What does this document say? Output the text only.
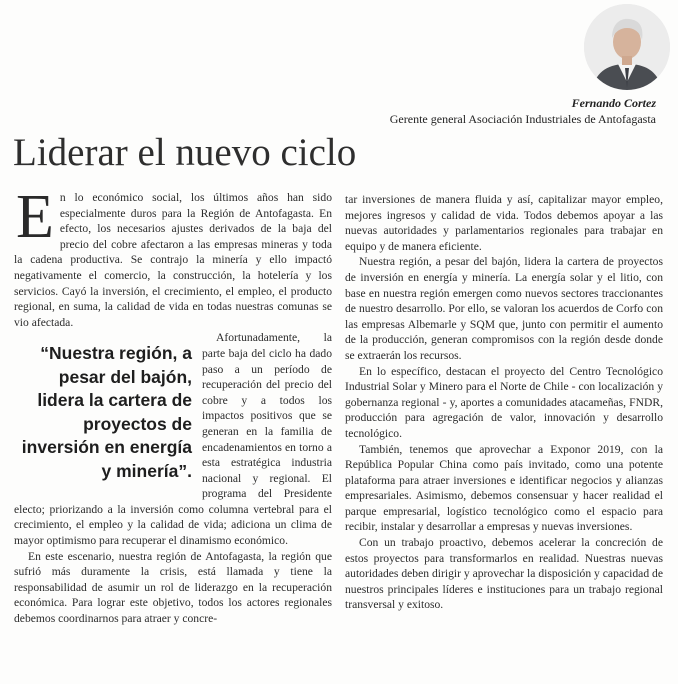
Fernando Cortez
Gerente general Asociación Industriales de Antofagasta
Liderar el nuevo ciclo

En lo económico social, los últimos años han sido especialmente duros para la Región de Antofagasta. En efecto, los necesarios ajustes derivados de la baja del precio del cobre afectaron a las empresas mineras y toda la cadena productiva. Se contrajo la minería y ello impactó negativamente el comercio, la construcción, la hotelería y los servicios. Cayó la inversión, el crecimiento, el empleo, el producto regional, en suma, la calidad de vida en todas nuestras comunas se vio afectada.

“Nuestra región, a pesar del bajón, lidera la cartera de proyectos de inversión en energía y minería”.
Afortunadamente, la parte baja del ciclo ha dado paso a un período de recuperación del precio del cobre y a todos los impactos positivos que se generan en la familia de encadenamientos en torno a esta estratégica industria nacional y regional. El programa del Presidente electo; priorizando a la inversión como columna vertebral para el crecimiento, el empleo y la calidad de vida; adiciona un clima de mayor optimismo para recuperar el dinamismo económico.

En este escenario, nuestra región de Antofagasta, la región que sufrió más duramente la crisis, está llamada y tiene la responsabilidad de asumir un rol de liderazgo en la recuperación económica. Para lograr este objetivo, todos los actores regionales debemos coordinarnos para atraer y concre-

tar inversiones de manera fluida y así, capitalizar mayor empleo, mejores ingresos y calidad de vida. Todos debemos apoyar a las nuevas autoridades y parlamentarios regionales para trabajar en equipo y de manera eficiente.

Nuestra región, a pesar del bajón, lidera la cartera de proyectos de inversión en energía y minería. La energía solar y el litio, con base en nuestra región emergen como nuevos sectores traccionantes de nuestro desarrollo. Por ello, se valoran los acuerdos de Corfo con las empresas Albemarle y SQM que, junto con permitir el aumento de la producción, generan compromisos con la región desde donde se extraerán los recursos.

En lo específico, destacan el proyecto del Centro Tecnológico Industrial Solar y Minero para el Norte de Chile - con localización y gobernanza regional - y, aportes a comunidades atacameñas, FNDR, producción para agregación de valor, innovación y desarrollo tecnológico.

También, tenemos que aprovechar a Exponor 2019, con la República Popular China como país invitado, como una potente plataforma para atraer inversiones e identificar negocios y alianzas empresariales. Asimismo, debemos consensuar y hacer realidad el parque empresarial, logístico tecnológico como el espacio para recibir, instalar y desarrollar a empresas y nuevas inversiones.

Con un trabajo proactivo, debemos acelerar la concreción de estos proyectos para transformarlos en realidad. Nuestras nuevas autoridades deben dirigir y aprovechar la disposición y capacidad de nuestros principales líderes e instituciones para un trabajo regional transversal y exitoso.
